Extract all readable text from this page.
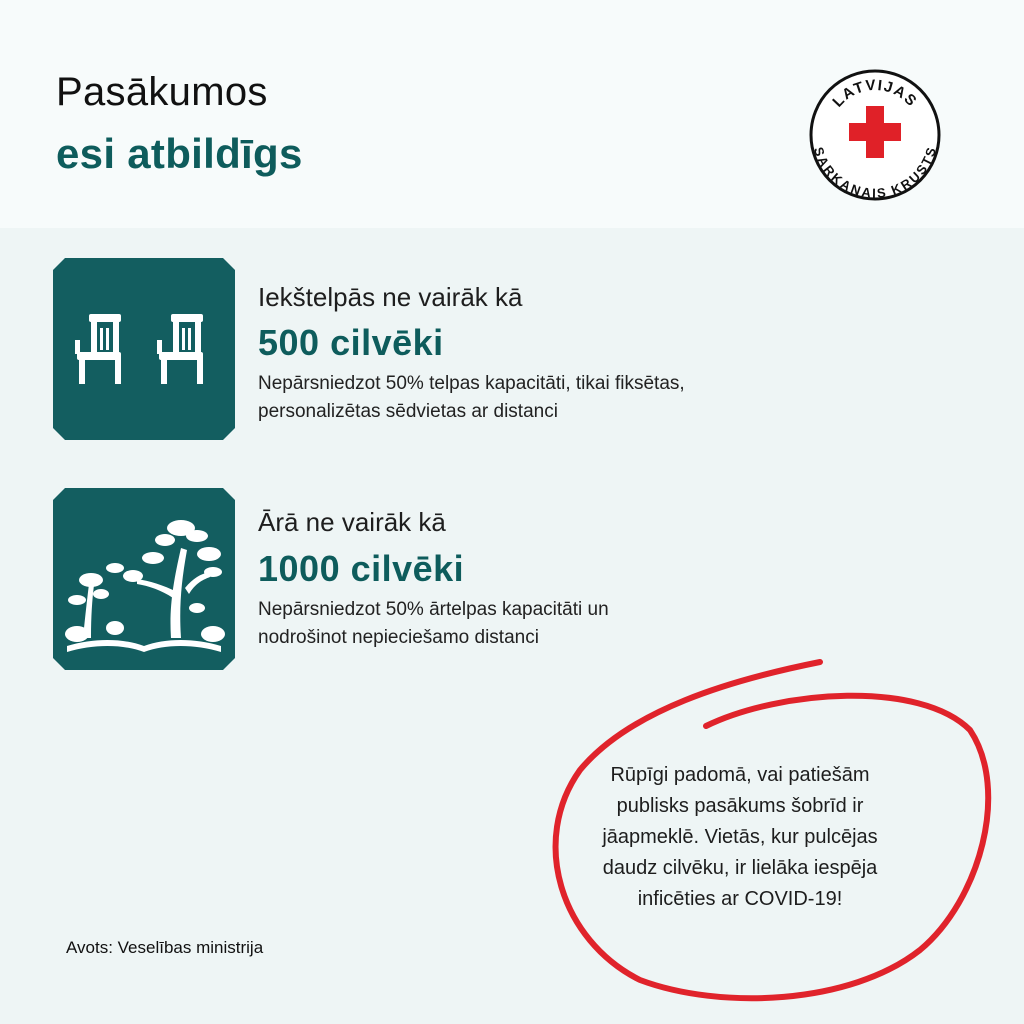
Pasākumos
esi atbildīgs
LATVIJAS
SARKANAIS KRUSTS
Iekštelpās ne vairāk kā
500 cilvēki
Nepārsniedzot 50% telpas kapacitāti, tikai fiksētas,
personalizētas sēdvietas ar distanci
Ārā ne vairāk kā
1000 cilvēki
Nepārsniedzot 50% ārtelpas kapacitāti un
nodrošinot nepieciešamo distanci
Rūpīgi padomā, vai patiešām
publisks pasākums šobrīd ir
jāapmeklē. Vietās, kur pulcējas
daudz cilvēku, ir lielāka iespēja
inficēties ar COVID-19!
Avots: Veselības ministrija
